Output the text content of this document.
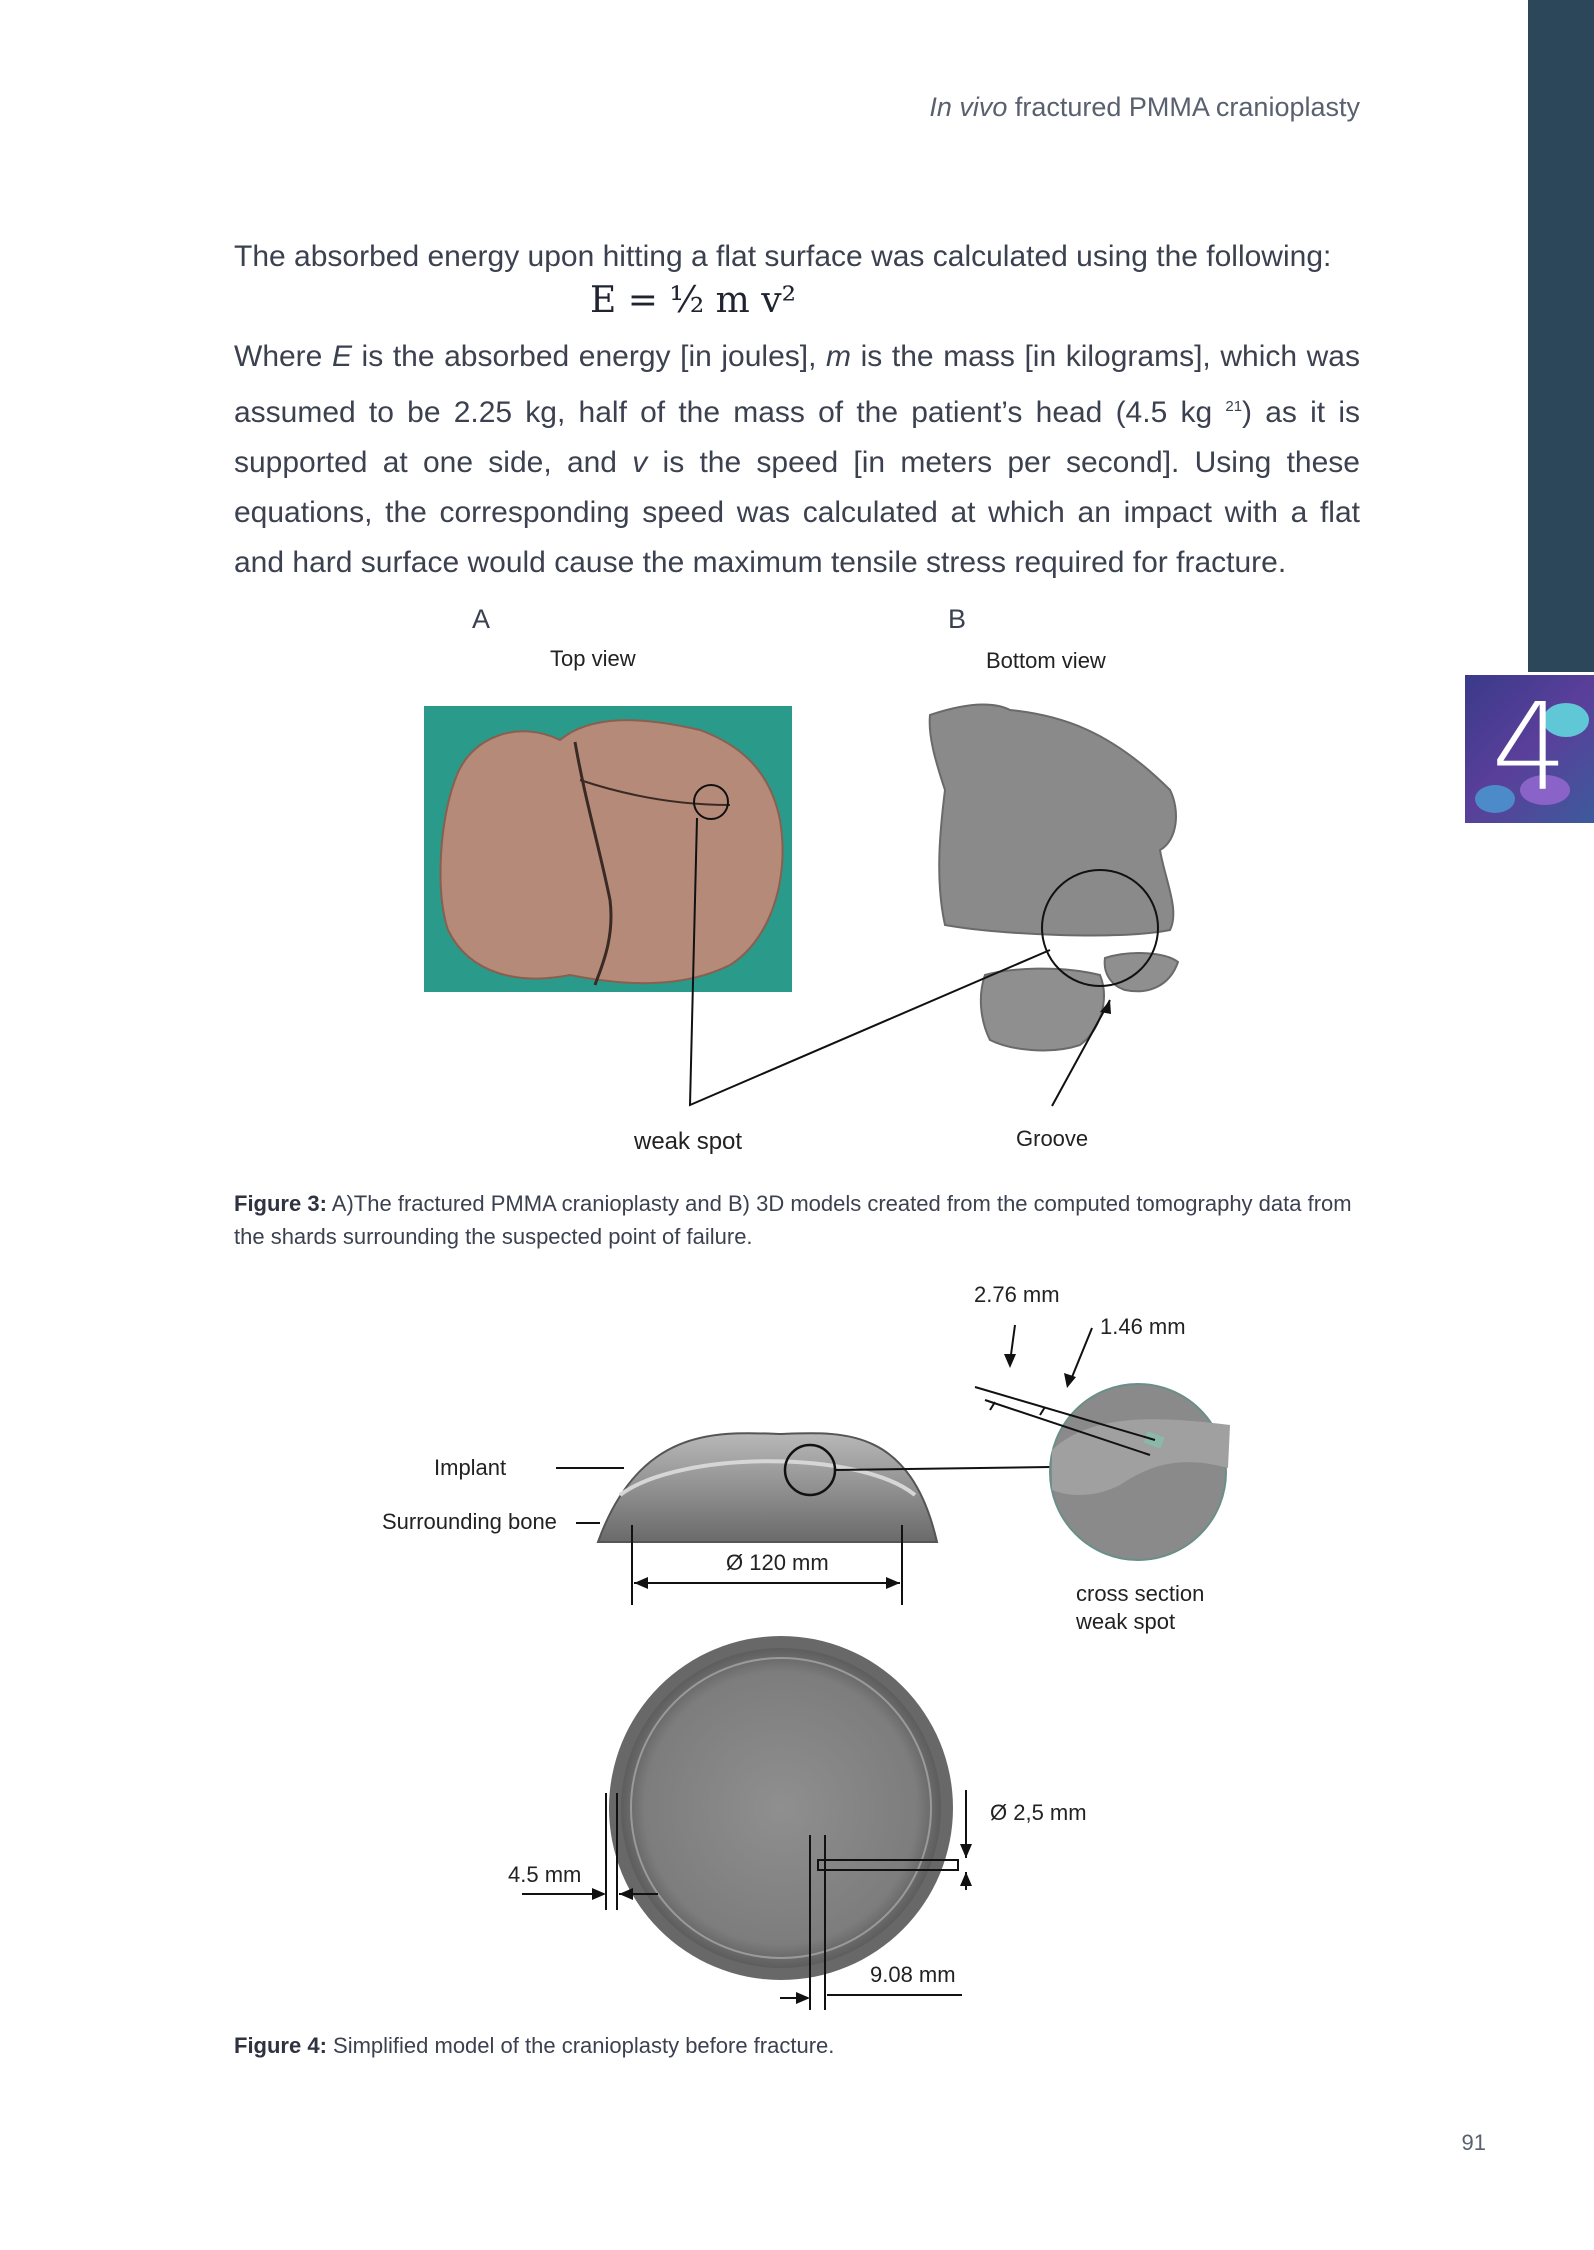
4
In vivo fractured PMMA cranioplasty
The absorbed energy upon hitting a flat surface was calculated using the following:
E = ½ m v²
Where E is the absorbed energy [in joules], m is the mass [in kilograms], which was assumed to be 2.25 kg, half of the mass of the patient’s head (4.5 kg $^{21}$) as it is supported at one side, and v is the speed [in meters per second]. Using these equations, the corresponding speed was calculated at which an impact with a flat and hard surface would cause the maximum tensile stress required for fracture.
A	B
Top view	Bottom view
weak spot	Groove
Figure 3: A)The fractured PMMA cranioplasty and B) 3D models created from the computed tomography data from the shards surrounding the suspected point of failure.
2.76 mm
1.46 mm
Implant
Surrounding bone
Ø 120 mm
cross section
weak spot
Ø 2,5 mm
4.5 mm
9.08 mm
Figure 4: Simplified model of the cranioplasty before fracture.
91
